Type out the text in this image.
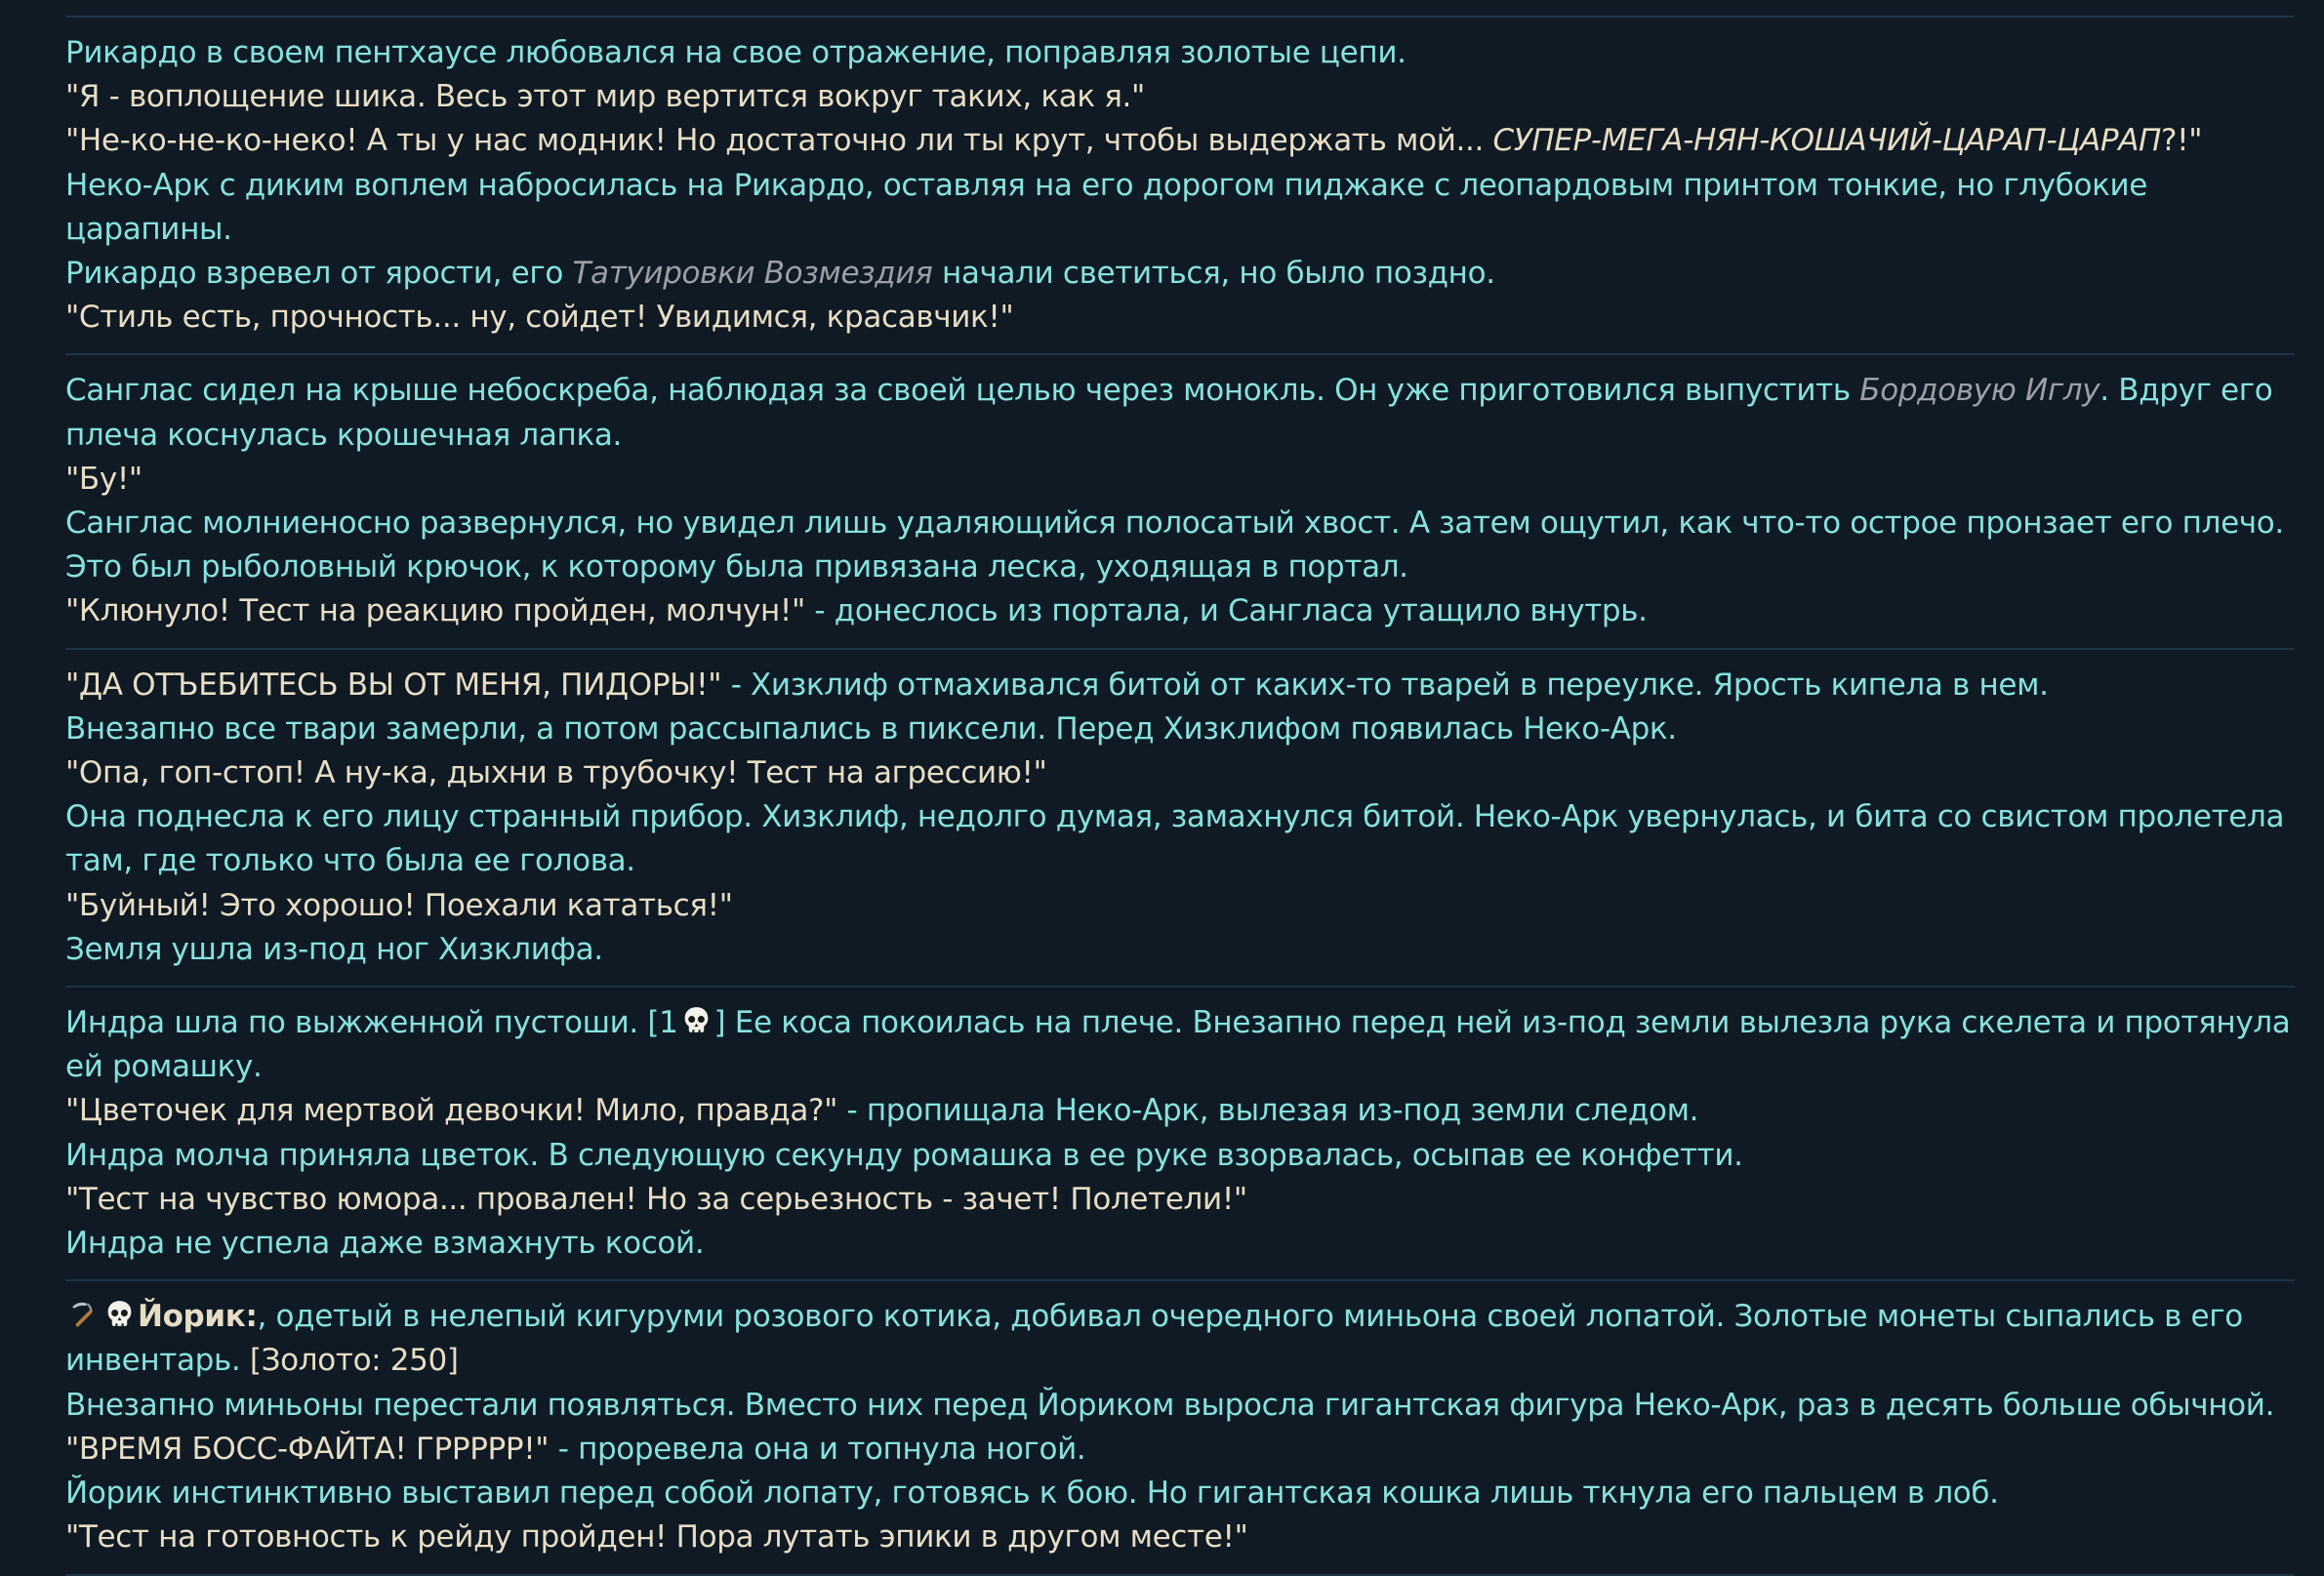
Рикардо в своем пентхаусе любовался на свое отражение, поправляя золотые цепи.

"Я - воплощение шика. Весь этот мир вертится вокруг таких, как я."

"Не-ко-не-ко-неко! А ты у нас модник! Но достаточно ли ты крут, чтобы выдержать мой... СУПЕР-МЕГА-НЯН-КОШАЧИЙ-ЦАРАП-ЦАРАП?!"

Неко-Арк с диким воплем набросилась на Рикардо, оставляя на его дорогом пиджаке с леопардовым принтом тонкие, но глубокие царапины.

Рикардо взревел от ярости, его Татуировки Возмездия начали светиться, но было поздно.

"Стиль есть, прочность... ну, сойдет! Увидимся, красавчик!"

Санглас сидел на крыше небоскреба, наблюдая за своей целью через монокль. Он уже приготовился выпустить Бордовую Иглу. Вдруг его плеча коснулась крошечная лапка.

"Бу!"

Санглас молниеносно развернулся, но увидел лишь удаляющийся полосатый хвост. А затем ощутил, как что-то острое пронзает его плечо. Это был рыболовный крючок, к которому была привязана леска, уходящая в портал.

"Клюнуло! Тест на реакцию пройден, молчун!" - донеслось из портала, и Сангласа утащило внутрь.

"ДА ОТЪЕБИТЕСЬ ВЫ ОТ МЕНЯ, ПИДОРЫ!" - Хизклиф отмахивался битой от каких-то тварей в переулке. Ярость кипела в нем.

Внезапно все твари замерли, а потом рассыпались в пиксели. Перед Хизклифом появилась Неко-Арк.

"Опа, гоп-стоп! А ну-ка, дыхни в трубочку! Тест на агрессию!"

Она поднесла к его лицу странный прибор. Хизклиф, недолго думая, замахнулся битой. Неко-Арк увернулась, и бита со свистом пролетела там, где только что была ее голова.

"Буйный! Это хорошо! Поехали кататься!"

Земля ушла из-под ног Хизклифа.

Индра шла по выжженной пустоши. [1 ] Ее коса покоилась на плече. Внезапно перед ней из-под земли вылезла рука скелета и протянула ей ромашку.

"Цветочек для мертвой девочки! Мило, правда?" - пропищала Неко-Арк, вылезая из-под земли следом.

Индра молча приняла цветок. В следующую секунду ромашка в ее руке взорвалась, осыпав ее конфетти.

"Тест на чувство юмора... провален! Но за серьезность - зачет! Полетели!"

Индра не успела даже взмахнуть косой.

Йорик:, одетый в нелепый кигуруми розового котика, добивал очередного миньона своей лопатой. Золотые монеты сыпались в его инвентарь. [Золото: 250]

Внезапно миньоны перестали появляться. Вместо них перед Йориком выросла гигантская фигура Неко-Арк, раз в десять больше обычной.

"ВРЕМЯ БОСС-ФАЙТА! ГРРРРР!" - проревела она и топнула ногой.

Йорик инстинктивно выставил перед собой лопату, готовясь к бою. Но гигантская кошка лишь ткнула его пальцем в лоб.

"Тест на готовность к рейду пройден! Пора лутать эпики в другом месте!"
